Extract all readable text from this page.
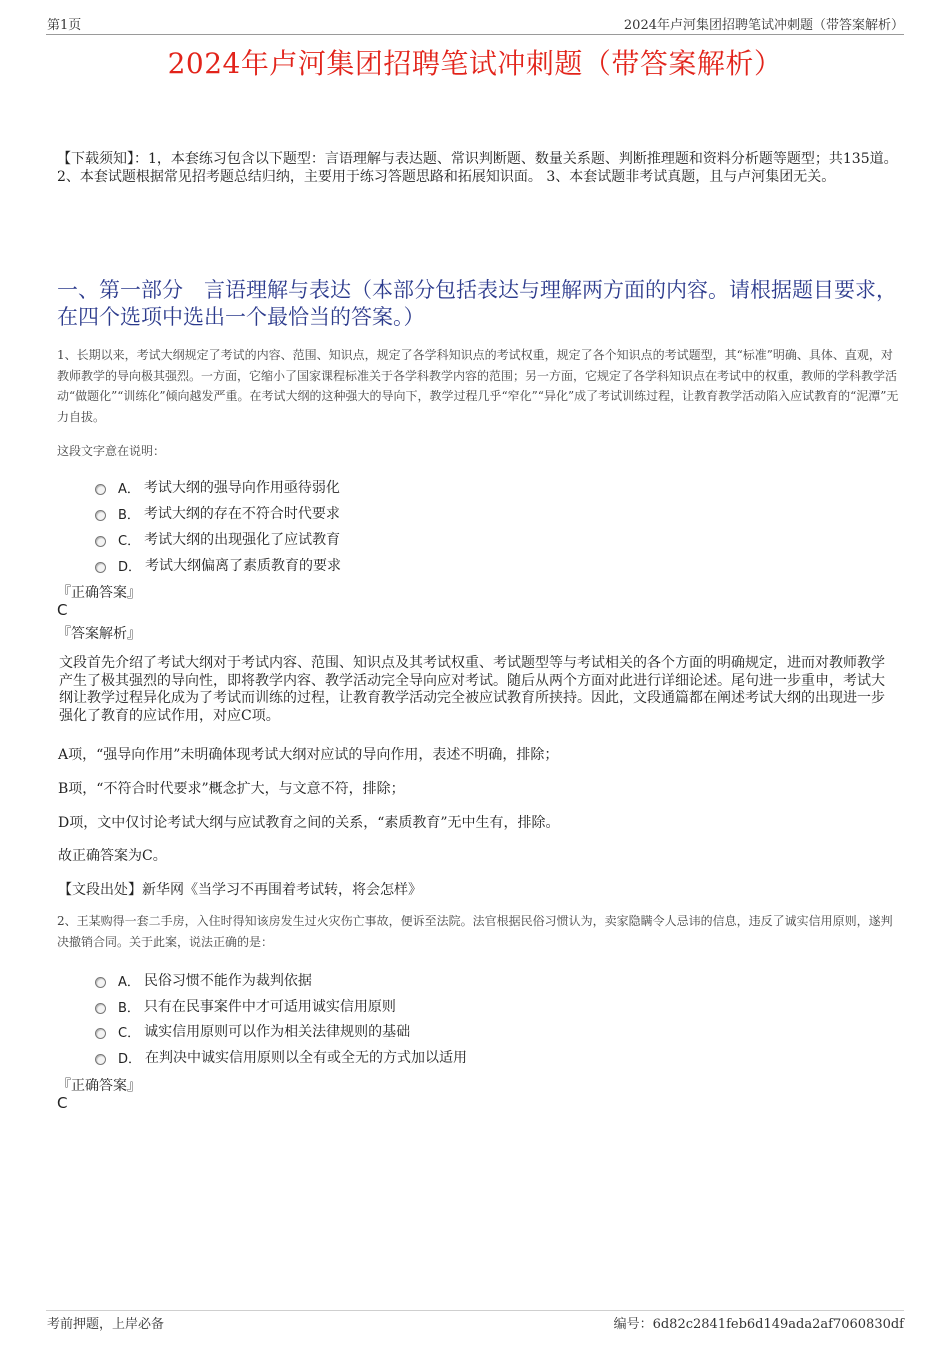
第1页	2024年卢河集团招聘笔试冲刺题（带答案解析）
2024年卢河集团招聘笔试冲刺题（带答案解析）
【下载须知】：1，本套练习包含以下题型：言语理解与表达题、常识判断题、数量关系题、判断推理题和资料分析题等题型；共135道。 2、本套试题根据常见招考题总结归纳，主要用于练习答题思路和拓展知识面。 3、本套试题非考试真题，且与卢河集团无关。
一、第一部分　言语理解与表达（本部分包括表达与理解两方面的内容。请根据题目要求，在四个选项中选出一个最恰当的答案。）
1、长期以来，考试大纲规定了考试的内容、范围、知识点，规定了各学科知识点的考试权重，规定了各个知识点的考试题型，其“标准”明确、具体、直观，对教师教学的导向极其强烈。一方面，它缩小了国家课程标准关于各学科教学内容的范围；另一方面，它规定了各学科知识点在考试中的权重，教师的学科教学活动“做题化”“训练化”倾向越发严重。在考试大纲的这种强大的导向下，教学过程几乎“窄化”“异化”成了考试训练过程，让教育教学活动陷入应试教育的“泥潭”无力自拔。
这段文字意在说明：
A． 考试大纲的强导向作用亟待弱化
B． 考试大纲的存在不符合时代要求
C． 考试大纲的出现强化了应试教育
D． 考试大纲偏离了素质教育的要求
『正确答案』
C
『答案解析』
文段首先介绍了考试大纲对于考试内容、范围、知识点及其考试权重、考试题型等与考试相关的各个方面的明确规定，进而对教师教学产生了极其强烈的导向性，即将教学内容、教学活动完全导向应对考试。随后从两个方面对此进行详细论述。尾句进一步重申，考试大纲让教学过程异化成为了考试而训练的过程，让教育教学活动完全被应试教育所挟持。因此，文段通篇都在阐述考试大纲的出现进一步强化了教育的应试作用，对应C项。
A项，“强导向作用”未明确体现考试大纲对应试的导向作用，表述不明确，排除；
B项，“不符合时代要求”概念扩大，与文意不符，排除；
D项，文中仅讨论考试大纲与应试教育之间的关系，“素质教育”无中生有，排除。
故正确答案为C。
【文段出处】新华网《当学习不再围着考试转，将会怎样》
2、王某购得一套二手房，入住时得知该房发生过火灾伤亡事故，便诉至法院。法官根据民俗习惯认为，卖家隐瞒令人忌讳的信息，违反了诚实信用原则，遂判决撤销合同。关于此案，说法正确的是：
A． 民俗习惯不能作为裁判依据
B． 只有在民事案件中才可适用诚实信用原则
C． 诚实信用原则可以作为相关法律规则的基础
D． 在判决中诚实信用原则以全有或全无的方式加以适用
『正确答案』
C
考前押题，上岸必备	编号：6d82c2841feb6d149ada2af7060830df
